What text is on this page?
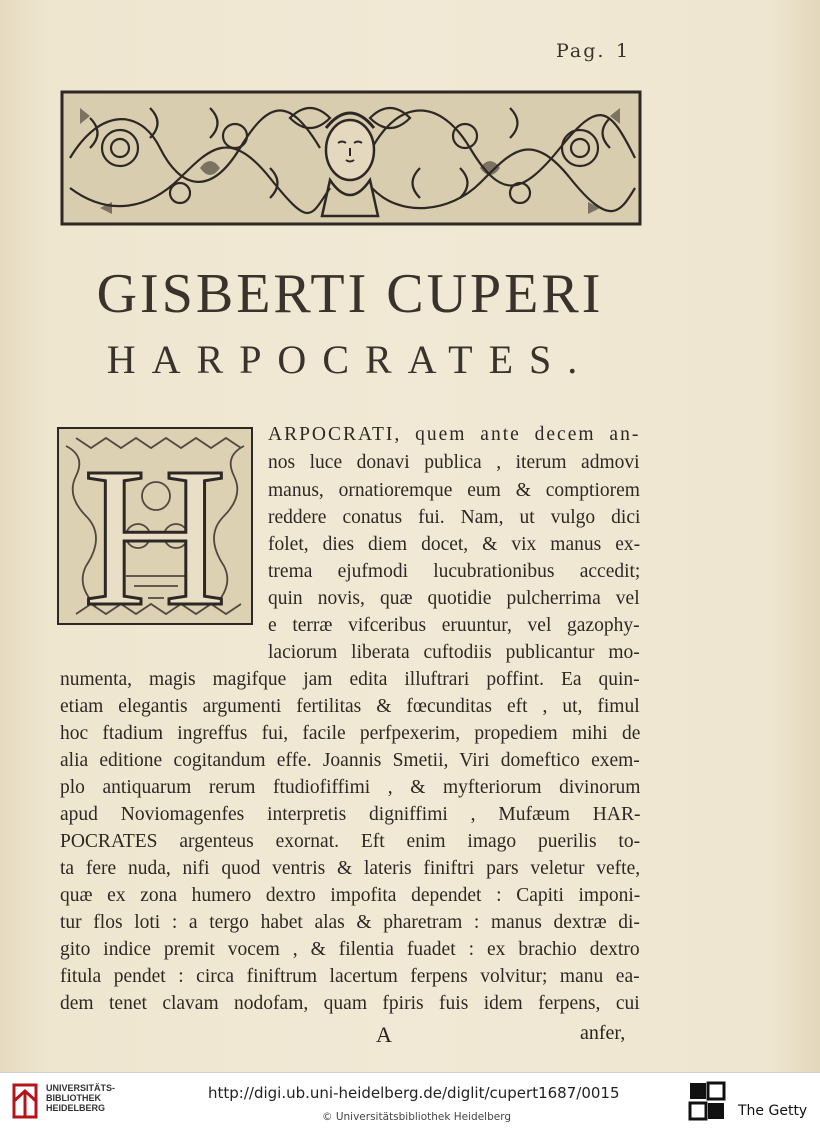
Pag. 1
GISBERTI CUPERI
HARPOCRATES.
H ARPOCRATI, quem ante decem an-
nos luce donavi publica , iterum admovi
manus, ornatioremque eum & comptiorem
reddere conatus fui. Nam, ut vulgo dici
folet, dies diem docet, & vix manus ex-
trema ejufmodi lucubrationibus accedit;
quin novis, quæ quotidie pulcherrima vel
e terræ vifceribus eruuntur, vel gazophy-
laciorum liberata cuftodiis publicantur mo-
numenta, magis magifque jam edita illuftrari poffint. Ea quin-
etiam elegantis argumenti fertilitas & fœcunditas eft , ut, fimul
hoc ftadium ingreffus fui, facile perfpexerim, propediem mihi de
alia editione cogitandum effe. Joannis Smetii, Viri domeftico exem-
plo antiquarum rerum ftudiofiffimi , & myfteriorum divinorum
apud Noviomagenfes interpretis digniffimi , Mufæum HAR-
POCRATES argenteus exornat. Eft enim imago puerilis to-
ta fere nuda, nifi quod ventris & lateris finiftri pars veletur vefte,
quæ ex zona humero dextro impofita dependet : Capiti imponi-
tur flos loti : a tergo habet alas & pharetram : manus dextræ di-
gito indice premit vocem , & filentia fuadet : ex brachio dextro
fitula pendet : circa finiftrum lacertum ferpens volvitur; manu ea-
dem tenet clavam nodofam, quam fpiris fuis idem ferpens, cui
A	anfer,
UNIVERSITÄTS-
BIBLIOTHEK
HEIDELBERG
http://digi.ub.uni-heidelberg.de/diglit/cupert1687/0015
© Universitätsbibliothek Heidelberg	The Getty
